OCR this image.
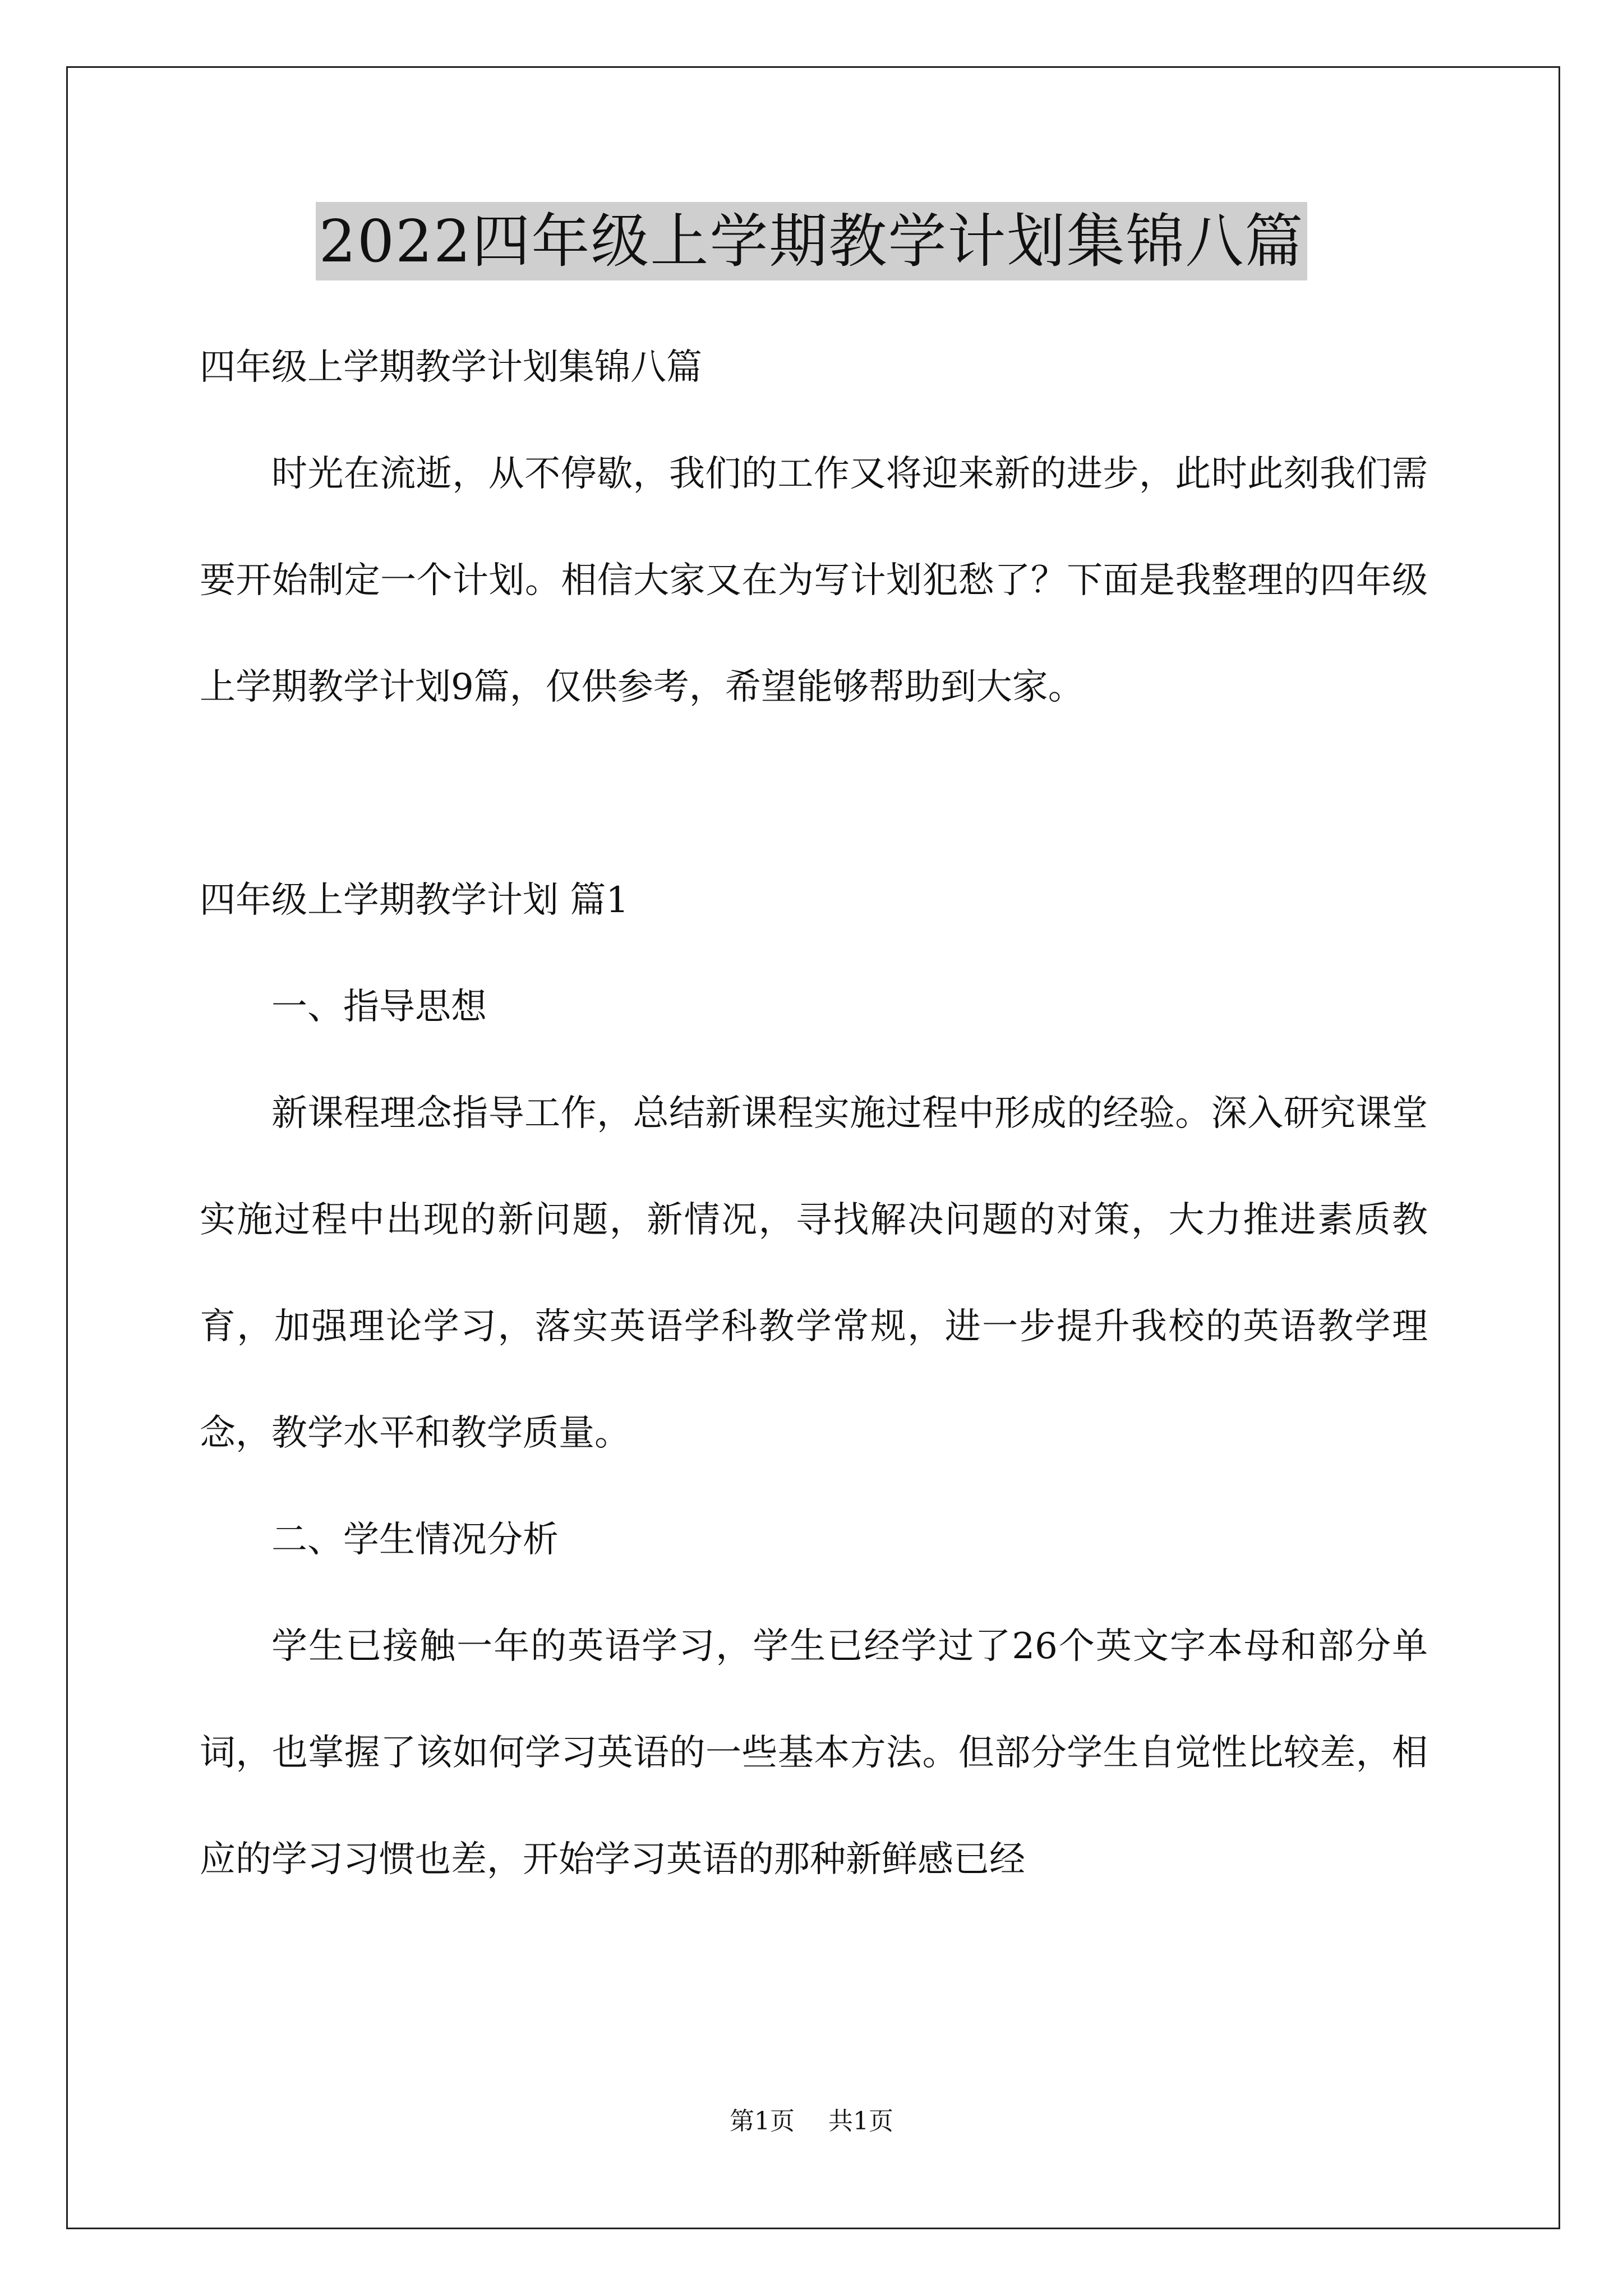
2022四年级上学期教学计划集锦八篇

四年级上学期教学计划集锦八篇

时光在流逝，从不停歇，我们的工作又将迎来新的进步，此时此刻我们需要开始制定一个计划。相信大家又在为写计划犯愁了？下面是我整理的四年级上学期教学计划9篇，仅供参考，希望能够帮助到大家。

四年级上学期教学计划 篇1

一、指导思想

新课程理念指导工作，总结新课程实施过程中形成的经验。深入研究课堂实施过程中出现的新问题，新情况，寻找解决问题的对策，大力推进素质教育，加强理论学习，落实英语学科教学常规，进一步提升我校的英语教学理念，教学水平和教学质量。

二、学生情况分析

学生已接触一年的英语学习，学生已经学过了26个英文字本母和部分单词，也掌握了该如何学习英语的一些基本方法。但部分学生自觉性比较差，相应的学习习惯也差，开始学习英语的那种新鲜感已经

第1页 共1页
